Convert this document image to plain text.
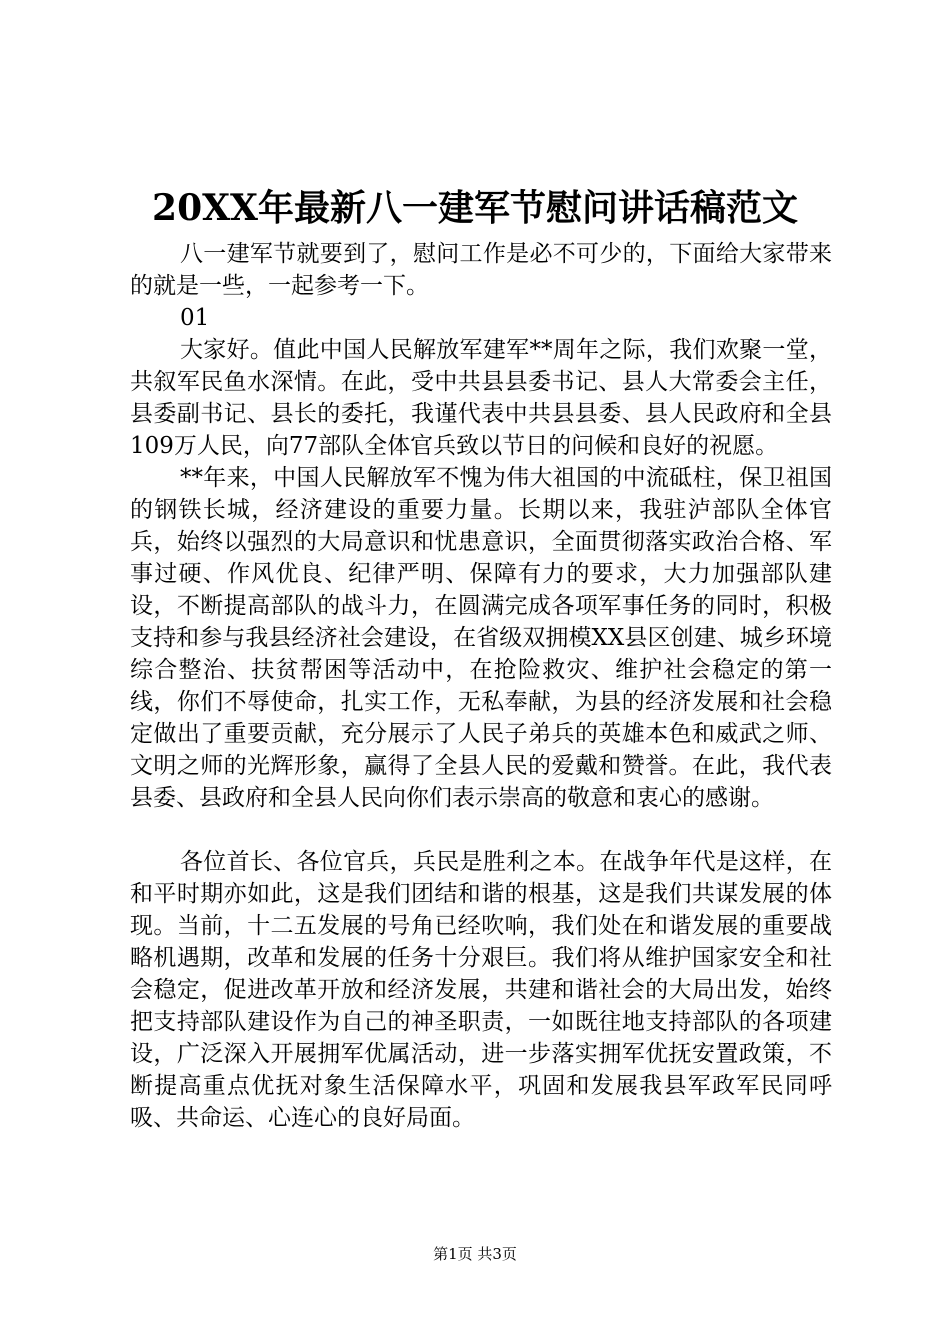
20XX年最新八一建军节慰问讲话稿范文

八一建军节就要到了，慰问工作是必不可少的，下面给大家带来的就是一些，一起参考一下。

01

大家好。值此中国人民解放军建军**周年之际，我们欢聚一堂，共叙军民鱼水深情。在此，受中共县县委书记、县人大常委会主任，县委副书记、县长的委托，我谨代表中共县县委、县人民政府和全县109万人民，向77部队全体官兵致以节日的问候和良好的祝愿。

**年来，中国人民解放军不愧为伟大祖国的中流砥柱，保卫祖国的钢铁长城，经济建设的重要力量。长期以来，我驻泸部队全体官兵，始终以强烈的大局意识和忧患意识，全面贯彻落实政治合格、军事过硬、作风优良、纪律严明、保障有力的要求，大力加强部队建设，不断提高部队的战斗力，在圆满完成各项军事任务的同时，积极支持和参与我县经济社会建设，在省级双拥模XX县区创建、城乡环境综合整治、扶贫帮困等活动中，在抢险救灾、维护社会稳定的第一线，你们不辱使命，扎实工作，无私奉献，为县的经济发展和社会稳定做出了重要贡献，充分展示了人民子弟兵的英雄本色和威武之师、文明之师的光辉形象，赢得了全县人民的爱戴和赞誉。在此，我代表县委、县政府和全县人民向你们表示崇高的敬意和衷心的感谢。

各位首长、各位官兵，兵民是胜利之本。在战争年代是这样，在和平时期亦如此，这是我们团结和谐的根基，这是我们共谋发展的体现。当前，十二五发展的号角已经吹响，我们处在和谐发展的重要战略机遇期，改革和发展的任务十分艰巨。我们将从维护国家安全和社会稳定，促进改革开放和经济发展，共建和谐社会的大局出发，始终把支持部队建设作为自己的神圣职责，一如既往地支持部队的各项建设，广泛深入开展拥军优属活动，进一步落实拥军优抚安置政策，不断提高重点优抚对象生活保障水平，巩固和发展我县军政军民同呼吸、共命运、心连心的良好局面。

第1页 共3页
